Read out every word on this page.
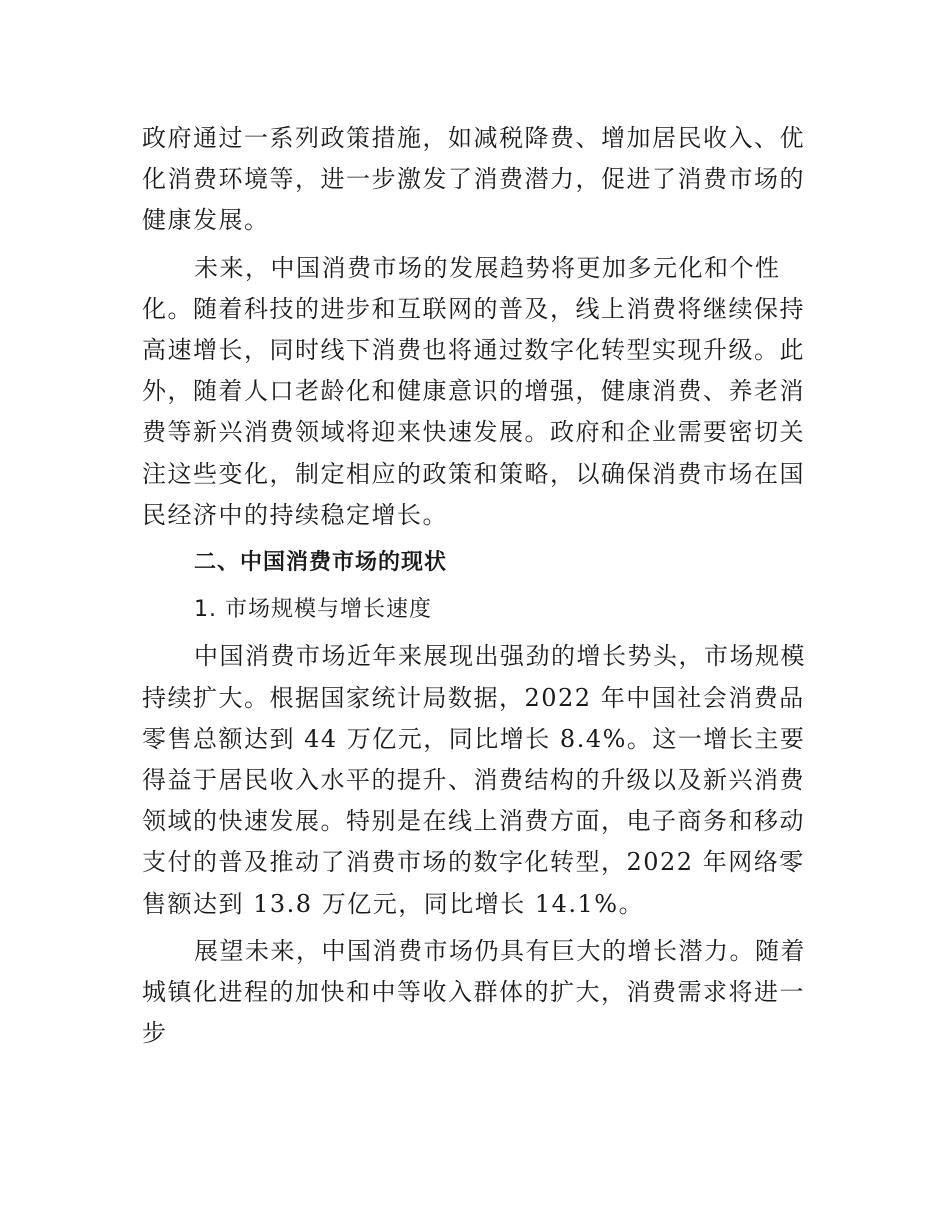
政府通过一系列政策措施，如减税降费、增加居民收入、优化消费环境等，进一步激发了消费潜力，促进了消费市场的健康发展。

未来，中国消费市场的发展趋势将更加多元化和个性化。随着科技的进步和互联网的普及，线上消费将继续保持高速增长，同时线下消费也将通过数字化转型实现升级。此外，随着人口老龄化和健康意识的增强，健康消费、养老消费等新兴消费领域将迎来快速发展。政府和企业需要密切关注这些变化，制定相应的政策和策略，以确保消费市场在国民经济中的持续稳定增长。

二、中国消费市场的现状

1. 市场规模与增长速度

中国消费市场近年来展现出强劲的增长势头，市场规模持续扩大。根据国家统计局数据，2022 年中国社会消费品零售总额达到 44 万亿元，同比增长 8.4%。这一增长主要得益于居民收入水平的提升、消费结构的升级以及新兴消费领域的快速发展。特别是在线上消费方面，电子商务和移动支付的普及推动了消费市场的数字化转型，2022 年网络零售额达到 13.8 万亿元，同比增长 14.1%。

展望未来，中国消费市场仍具有巨大的增长潜力。随着城镇化进程的加快和中等收入群体的扩大，消费需求将进一步
